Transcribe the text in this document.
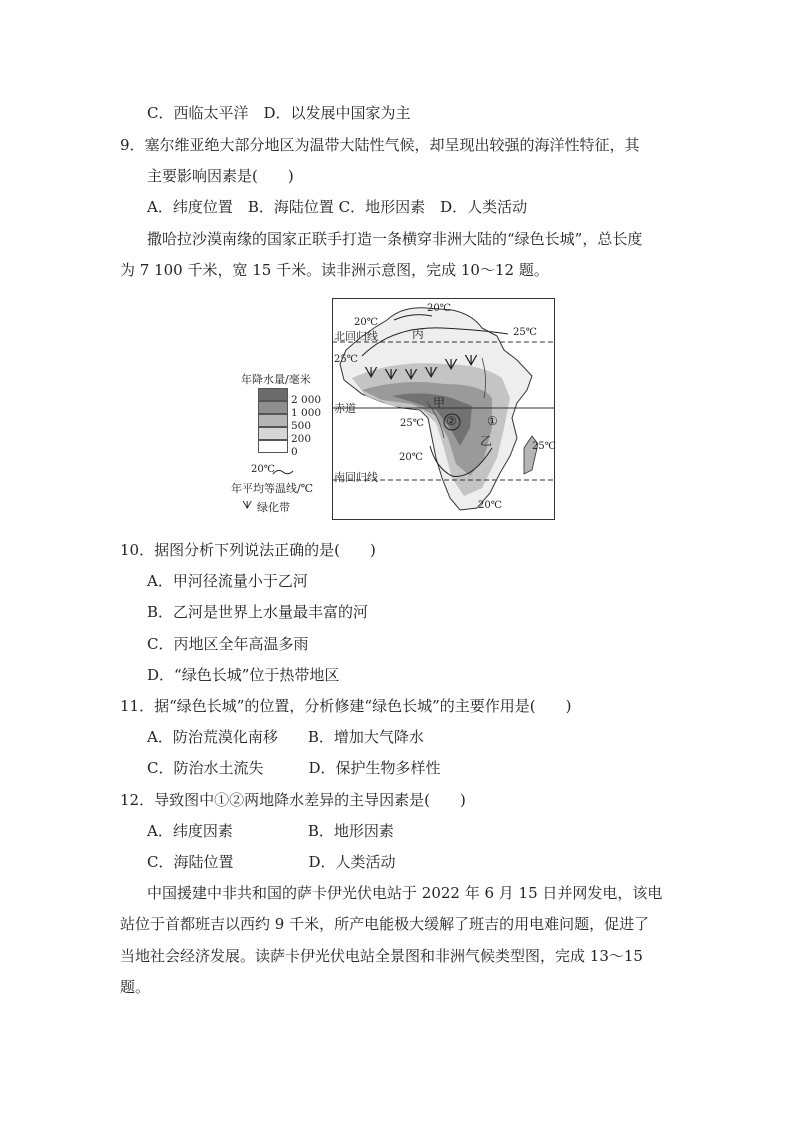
C．西临太平洋　D．以发展中国家为主
9．塞尔维亚绝大部分地区为温带大陆性气候，却呈现出较强的海洋性特征，其
主要影响因素是(　　)
A．纬度位置　B．海陆位置 C．地形因素　D．人类活动
撒哈拉沙漠南缘的国家正联手打造一条横穿非洲大陆的“绿色长城”，总长度
为 7 100 千米，宽 15 千米。读非洲示意图，完成 10～12 题。
年降水量/毫米
2 000
1 000
500
200
0
20℃
年平均等温线/℃
ᗐ 绿化带
ᗐ ᗐ ᗐ ᗐ ᗐ ᗐ
20℃
20℃
25℃
北回归线	丙
25℃
赤道	甲
②	①
乙
25℃
25℃
20℃
南回归线
20℃
10．据图分析下列说法正确的是(　　)
A．甲河径流量小于乙河
B．乙河是世界上水量最丰富的河
C．丙地区全年高温多雨
D．“绿色长城”位于热带地区
11．据“绿色长城”的位置，分析修建“绿色长城”的主要作用是(　　)
A．防治荒漠化南移　　B．增加大气降水
C．防治水土流失　　　D．保护生物多样性
12．导致图中①②两地降水差异的主导因素是(　　)
A．纬度因素　　　　　B．地形因素
C．海陆位置　　　　　D．人类活动
中国援建中非共和国的萨卡伊光伏电站于 2022 年 6 月 15 日并网发电，该电
站位于首都班吉以西约 9 千米，所产电能极大缓解了班吉的用电难问题，促进了
当地社会经济发展。读萨卡伊光伏电站全景图和非洲气候类型图，完成 13～15
题。
